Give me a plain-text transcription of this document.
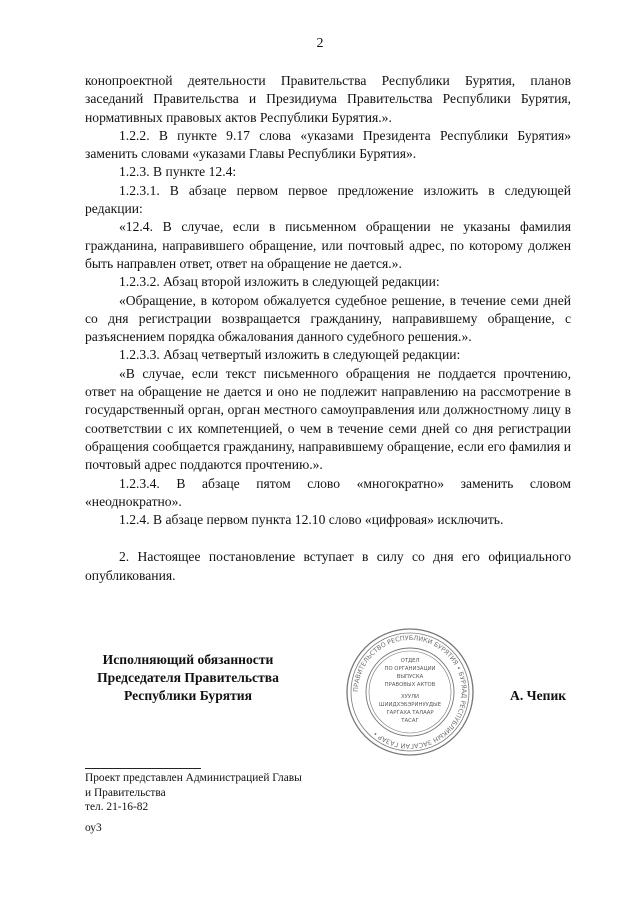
2

конопроектной деятельности Правительства Республики Бурятия, планов заседаний Правительства и Президиума Правительства Республики Бурятия, нормативных правовых актов Республики Бурятия.».

1.2.2. В пункте 9.17 слова «указами Президента Республики Бурятия» заменить словами «указами Главы Республики Бурятия».

1.2.3. В пункте 12.4:

1.2.3.1. В абзаце первом первое предложение изложить в следующей редакции:

«12.4. В случае, если в письменном обращении не указаны фамилия гражданина, направившего обращение, или почтовый адрес, по которому должен быть направлен ответ, ответ на обращение не дается.».

1.2.3.2. Абзац второй изложить в следующей редакции:

«Обращение, в котором обжалуется судебное решение, в течение семи дней со дня регистрации возвращается гражданину, направившему обращение, с разъяснением порядка обжалования данного судебного решения.».

1.2.3.3. Абзац четвертый изложить в следующей редакции:

«В случае, если текст письменного обращения не поддается прочтению, ответ на обращение не дается и оно не подлежит направлению на рассмотрение в государственный орган, орган местного самоуправления или должностному лицу в соответствии с их компетенцией, о чем в течение семи дней со дня регистрации обращения сообщается гражданину, направившему обращение, если его фамилия и почтовый адрес поддаются прочтению.».

1.2.3.4. В абзаце пятом слово «многократно» заменить словом «неоднократно».

1.2.4. В абзаце первом пункта 12.10 слово «цифровая» исключить.

2. Настоящее постановление вступает в силу со дня его официального опубликования.

Исполняющий обязанности
Председателя Правительства
Республики Бурятия	ПРАВИТЕЛЬСТВО РЕСПУБЛИКИ БУРЯТИЯ • БУРЯАД РЕСПУБЛИКЫН ЗАСАГАЙ ГАЗАР •
ОТДЕЛ
ПО ОРГАНИЗАЦИИ
ВЫПУСКА
ПРАВОВЫХ АКТОВ
ХУУЛИ
ШИИДХЭБЭРИНУУДЫЕ
ГАРГАХА ТАЛААР
ТАСАГ
А. Чепик
Проект представлен Администрацией Главы
и Правительства
тел. 21-16-82
оу3
